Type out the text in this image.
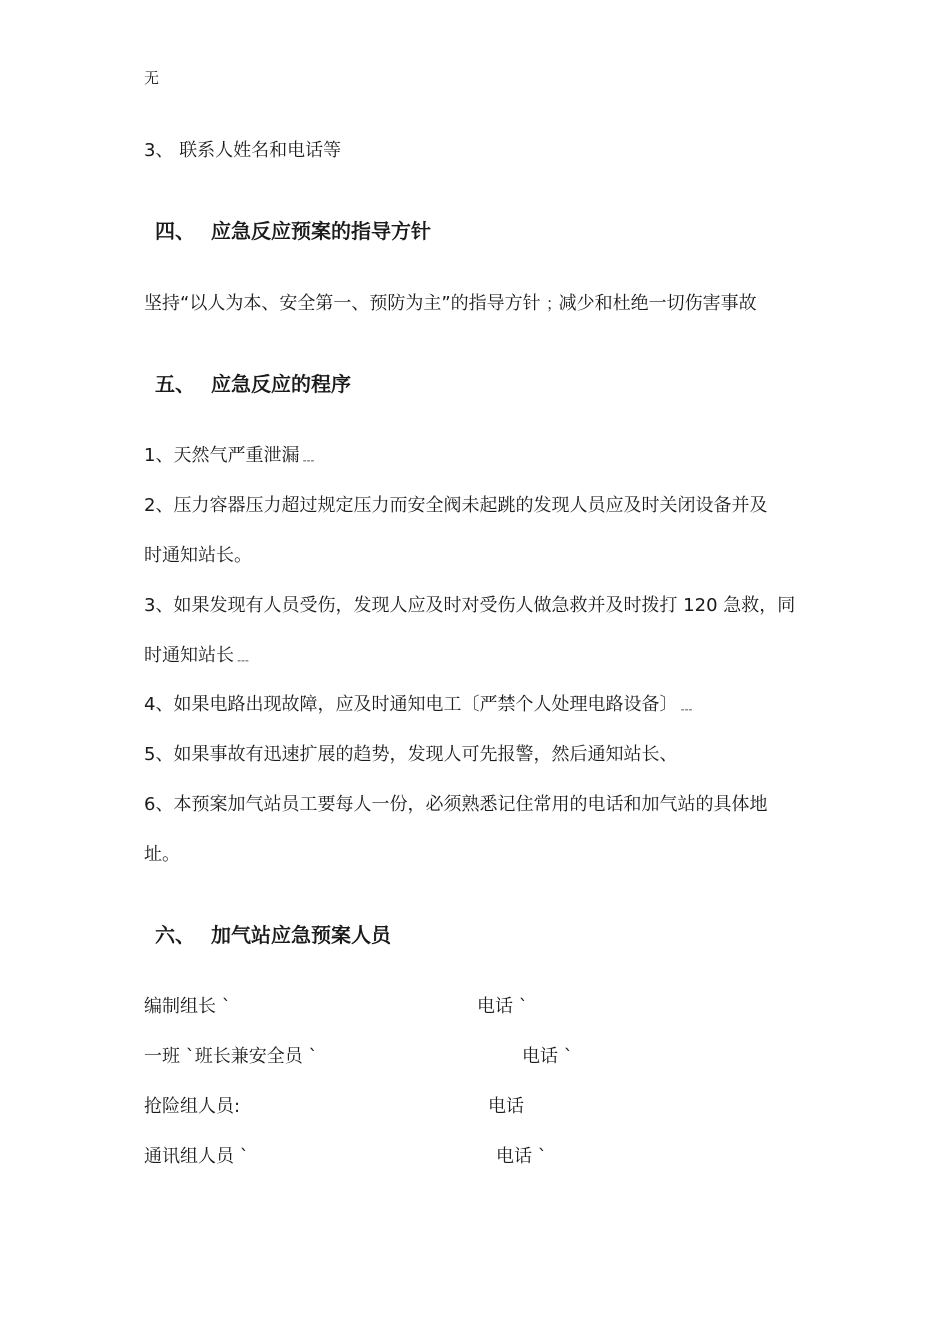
无
3、 联系人姓名和电话等
四、 应急反应预案的指导方针
坚持“以人为本、安全第一、预防为主”的指导方针﹔减少和杜绝一切伤害事故
五、 应急反应的程序
1、天然气严重泄漏﹍
2、压力容器压力超过规定压力而安全阀未起跳的发现人员应及时关闭设备并及
时通知站长。
3、如果发现有人员受伤，发现人应及时对受伤人做急救并及时拨打 120 急救，同
时通知站长﹍
4、如果电路出现故障，应及时通知电工〔严禁个人处理电路设备〕﹍
5、如果事故有迅速扩展的趋势，发现人可先报警，然后通知站长、
6、本预案加气站员工要每人一份，必须熟悉记住常用的电话和加气站的具体地
址。
六、 加气站应急预案人员
编制组长 ˋ	电话 ˋ
一班 ˋ班长兼安全员 ˋ	电话 ˋ
抢险组人员:	电话
通讯组人员 ˋ	电话 ˋ
